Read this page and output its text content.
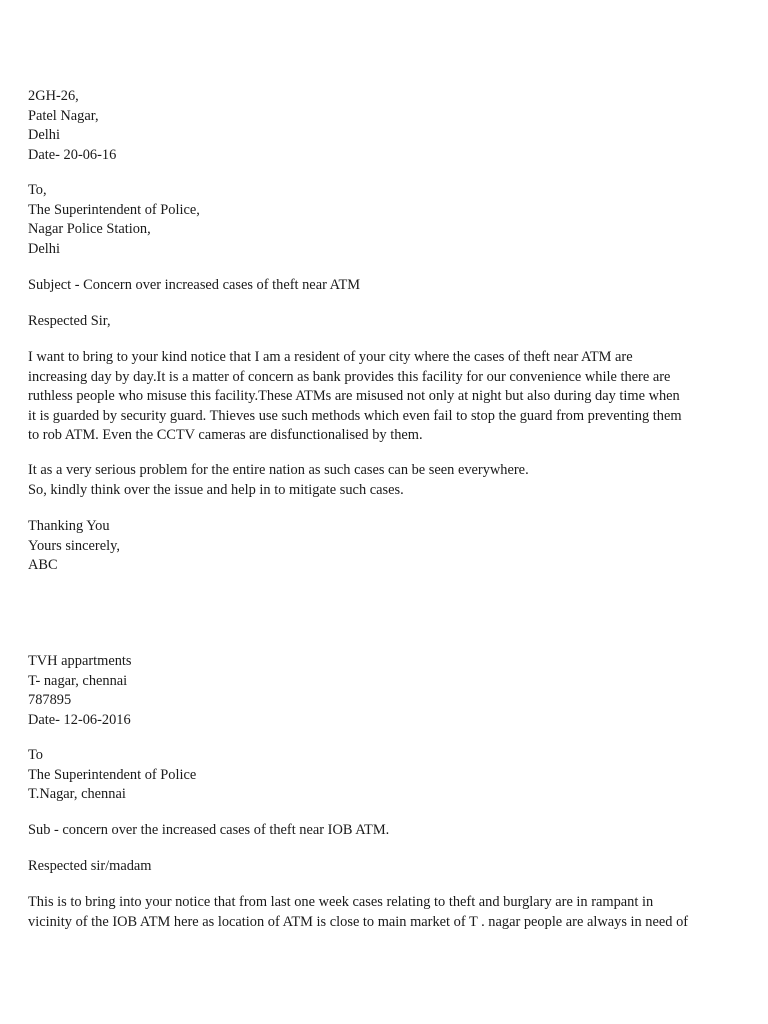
2GH-26,
Patel Nagar,
Delhi
Date- 20-06-16
To,
The Superintendent of Police,
Nagar Police Station,
Delhi
Subject - Concern over increased cases of theft near ATM
Respected Sir,
I want to bring to your kind notice that I am a resident of your city where the cases of theft near ATM are
increasing day by day.It is a matter of concern as bank provides this facility for our convenience while there are
ruthless people who misuse this facility.These ATMs are misused not only at night but also during day time when
it is guarded by security guard. Thieves use such methods which even fail to stop the guard from preventing them
to rob ATM. Even the CCTV cameras are disfunctionalised by them.
It as a very serious problem for the entire nation as such cases can be seen everywhere.
So, kindly think over the issue and help in to mitigate such cases.
Thanking You
Yours sincerely,
ABC
TVH appartments
T- nagar, chennai
787895
Date- 12-06-2016
To
The Superintendent of Police
T.Nagar, chennai
Sub - concern over the increased cases of theft near IOB ATM.
Respected sir/madam
This is to bring into your notice that from last one week cases relating to theft and burglary are in rampant in
vicinity of the IOB ATM here as location of ATM is close to main market of T . nagar people are always in need of
